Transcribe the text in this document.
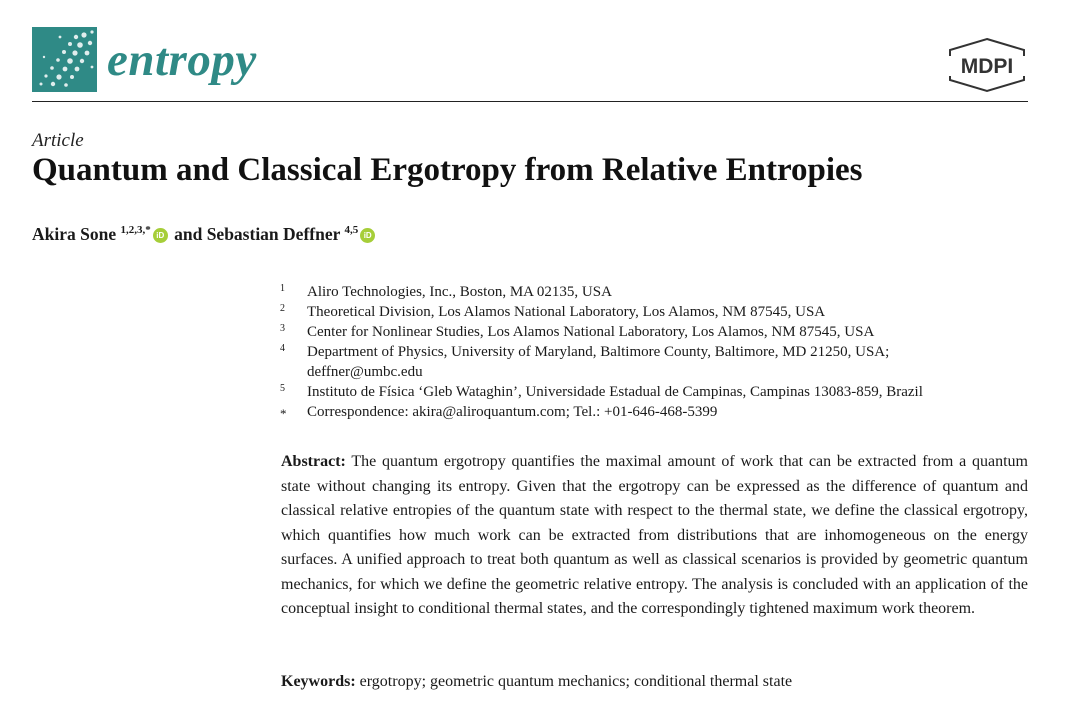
entropy	MDPI
Article
Quantum and Classical Ergotropy from Relative Entropies
Akira Sone $^{1,2,3,*}$ iD and Sebastian Deffner $^{4,5}$ iD
1 Aliro Technologies, Inc., Boston, MA 02135, USA
2 Theoretical Division, Los Alamos National Laboratory, Los Alamos, NM 87545, USA
3 Center for Nonlinear Studies, Los Alamos National Laboratory, Los Alamos, NM 87545, USA
4 Department of Physics, University of Maryland, Baltimore County, Baltimore, MD 21250, USA;
deffner@umbc.edu
5 Instituto de Física ‘Gleb Wataghin’, Universidade Estadual de Campinas, Campinas 13083-859, Brazil
* Correspondence: akira@aliroquantum.com; Tel.: +01-646-468-5399
Abstract: The quantum ergotropy quantifies the maximal amount of work that can be extracted from a quantum state without changing its entropy. Given that the ergotropy can be expressed as the difference of quantum and classical relative entropies of the quantum state with respect to the thermal state, we define the classical ergotropy, which quantifies how much work can be extracted from distributions that are inhomogeneous on the energy surfaces. A unified approach to treat both quantum as well as classical scenarios is provided by geometric quantum mechanics, for which we define the geometric relative entropy. The analysis is concluded with an application of the conceptual insight to conditional thermal states, and the correspondingly tightened maximum work theorem.
Keywords: ergotropy; geometric quantum mechanics; conditional thermal state
